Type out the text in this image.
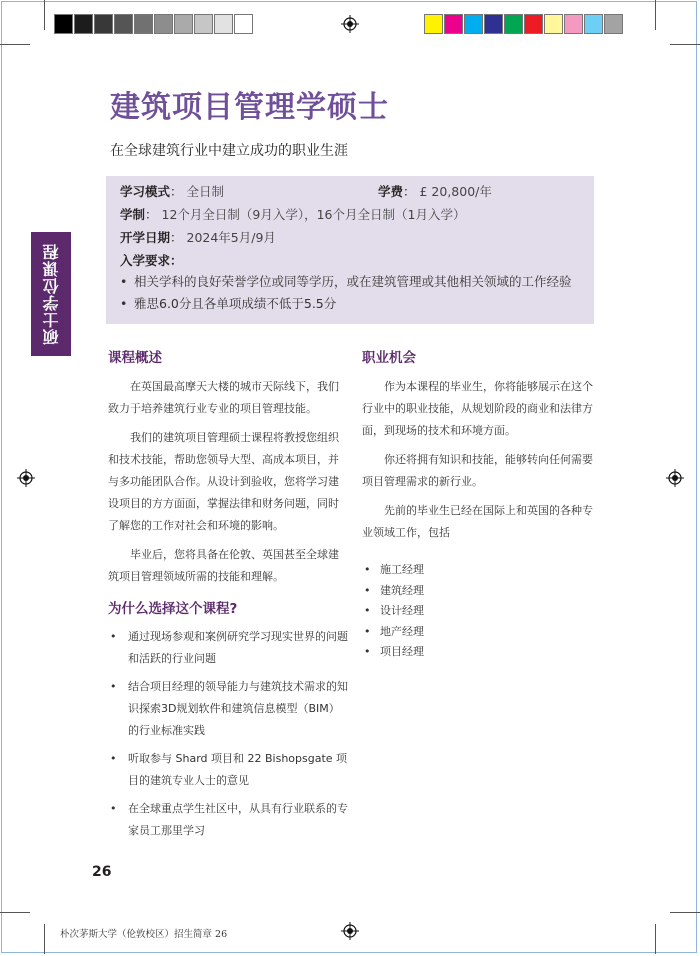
硕士学位课程
建筑项目管理学硕士
在全球建筑行业中建立成功的职业生涯
学习模式： 全日制	学费： £ 20,800/年
学制： 12个月全日制（9月入学），16个月全日制（1月入学）
开学日期： 2024年5月/9月
入学要求：
• 相关学科的良好荣誉学位或同等学历，或在建筑管理或其他相关领域的工作经验
• 雅思6.0分且各单项成绩不低于5.5分
课程概述

在英国最高摩天大楼的城市天际线下，我们致力于培养建筑行业专业的项目管理技能。

我们的建筑项目管理硕士课程将教授您组织和技术技能，帮助您领导大型、高成本项目，并与多功能团队合作。从设计到验收，您将学习建设项目的方方面面，掌握法律和财务问题，同时了解您的工作对社会和环境的影响。

毕业后，您将具备在伦敦、英国甚至全球建筑项目管理领域所需的技能和理解。

为什么选择这个课程?
• 通过现场参观和案例研究学习现实世界的问题和活跃的行业问题
• 结合项目经理的领导能力与建筑技术需求的知识探索3D规划软件和建筑信息模型（BIM）的行业标准实践
• 听取参与 Shard 项目和 22 Bishopsgate 项目的建筑专业人士的意见
• 在全球重点学生社区中，从具有行业联系的专家员工那里学习
职业机会

作为本课程的毕业生，你将能够展示在这个行业中的职业技能，从规划阶段的商业和法律方面，到现场的技术和环境方面。

你还将拥有知识和技能，能够转向任何需要项目管理需求的新行业。

先前的毕业生已经在国际上和英国的各种专业领域工作，包括

• 施工经理
• 建筑经理
• 设计经理
• 地产经理
• 项目经理
26
朴次茅斯大学（伦敦校区）招生简章 26
